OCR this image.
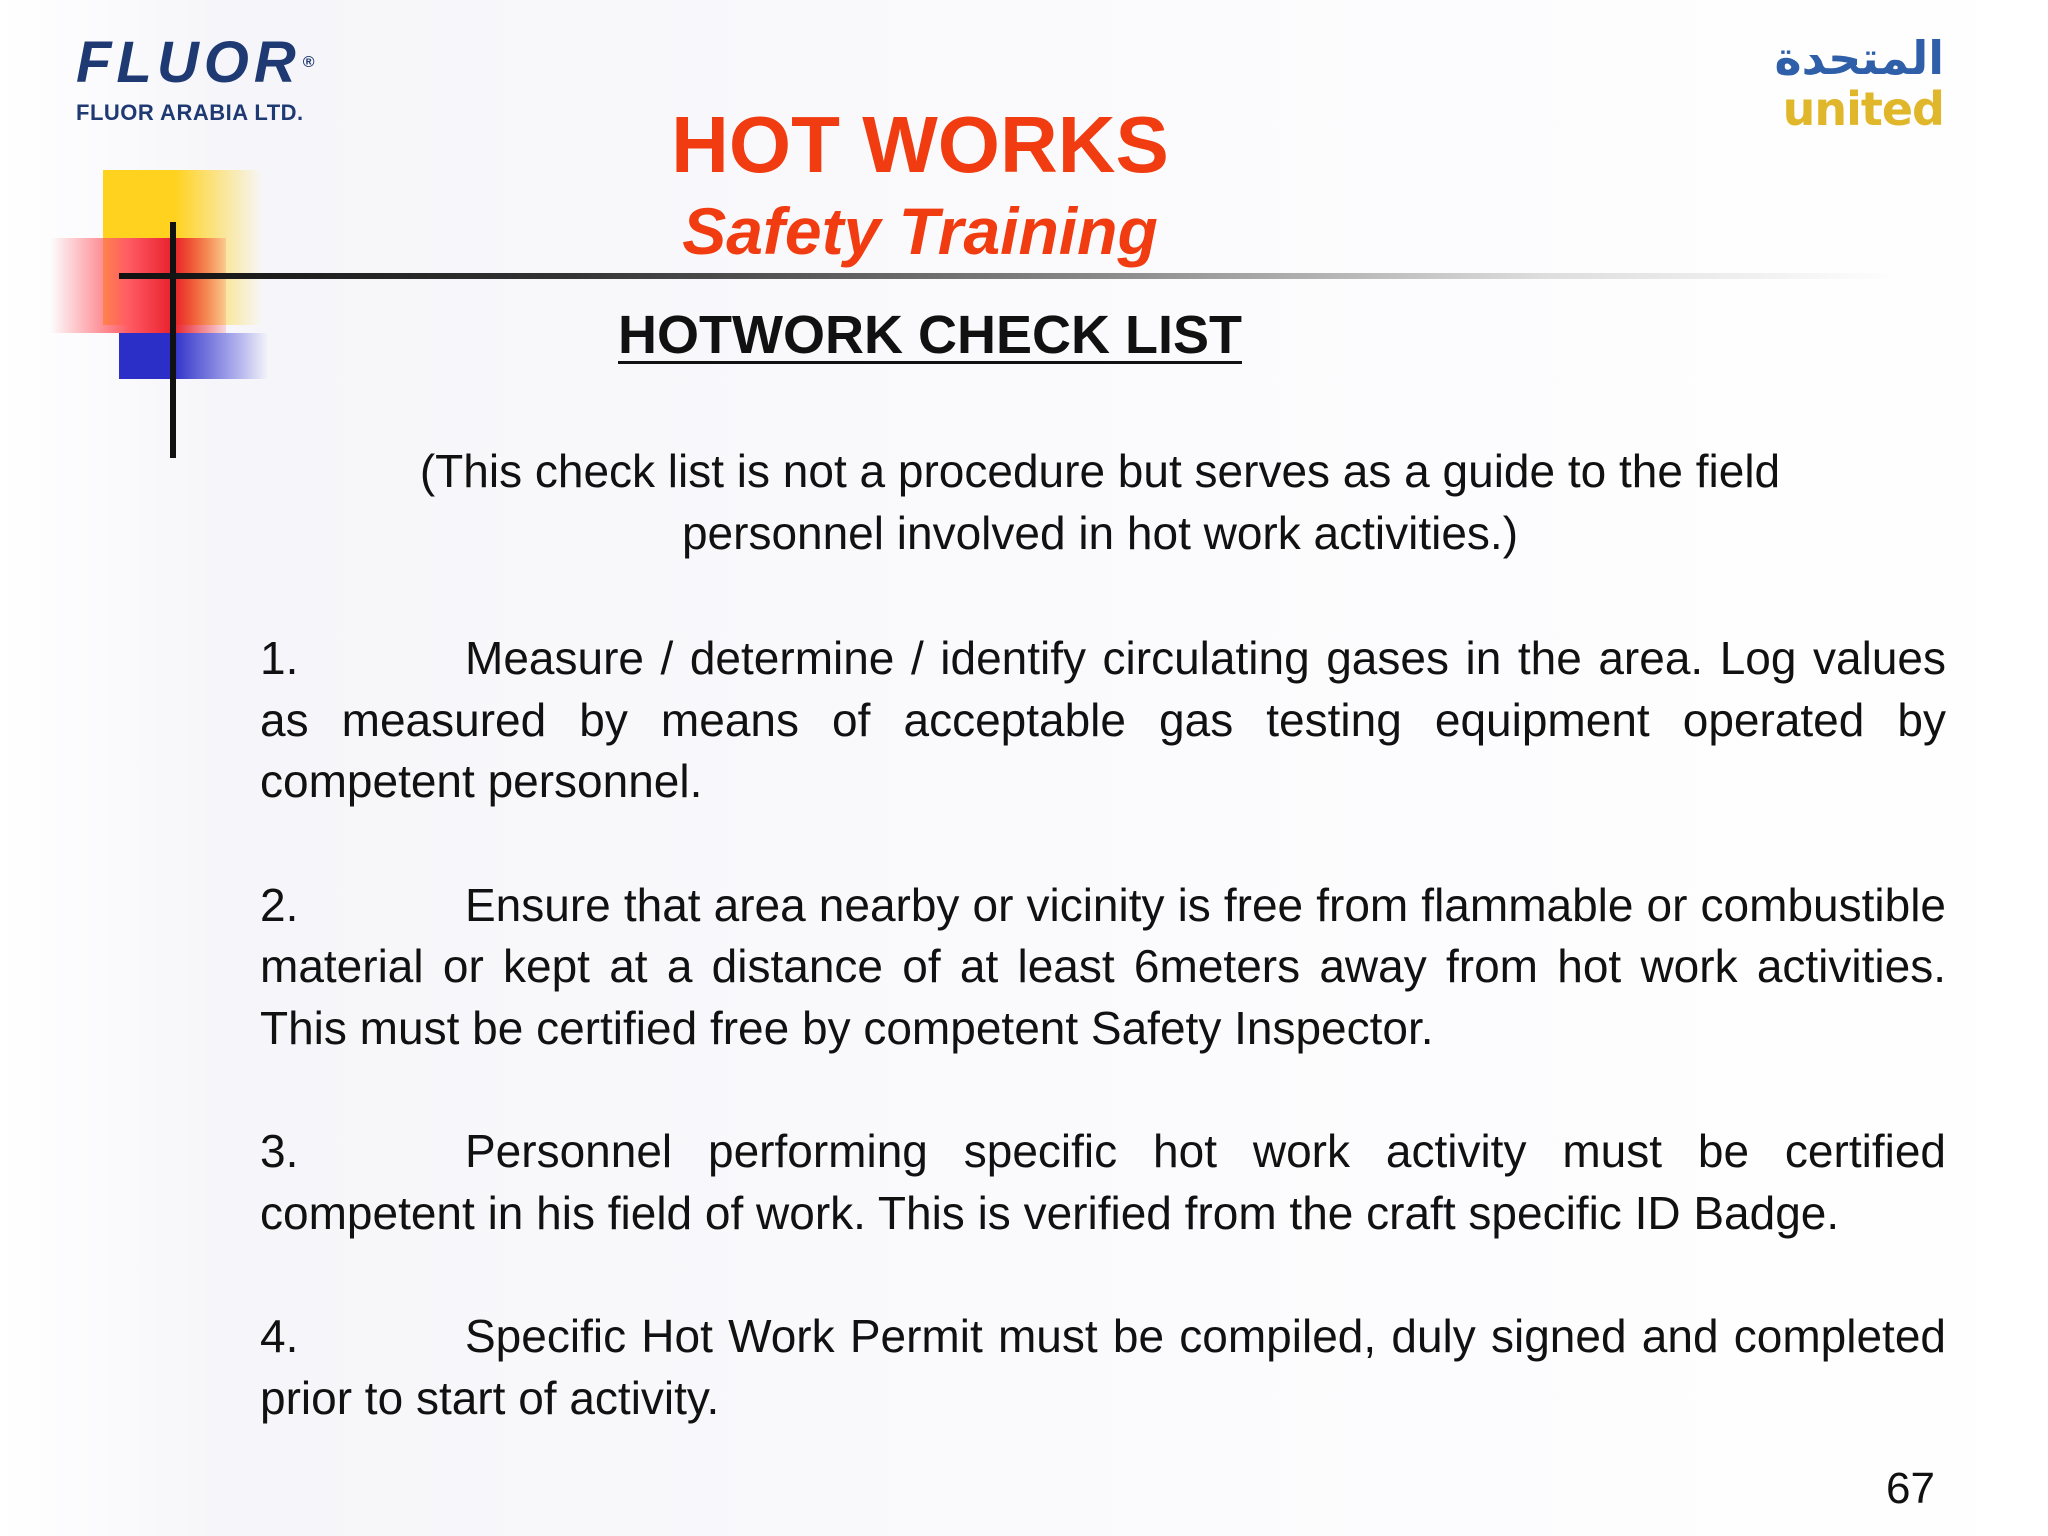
FLUOR ®
FLUOR ARABIA LTD.
المتحدة
united
HOT WORKS
Safety Training
HOTWORK CHECK LIST
(This check list is not a procedure but serves as a guide to the field
personnel involved in hot work activities.)
1.	Measure / determine / identify circulating gases in the area. Log values as measured by means of acceptable gas testing equipment operated by competent personnel.
2.	Ensure that area nearby or vicinity is free from flammable or combustible material or kept at a distance of at least 6meters away from hot work activities. This must be certified free by competent Safety Inspector.
3.	Personnel performing specific hot work activity must be certified competent in his field of work. This is verified from the craft specific ID Badge.
4.	Specific Hot Work Permit must be compiled, duly signed and completed prior to start of activity.
67
